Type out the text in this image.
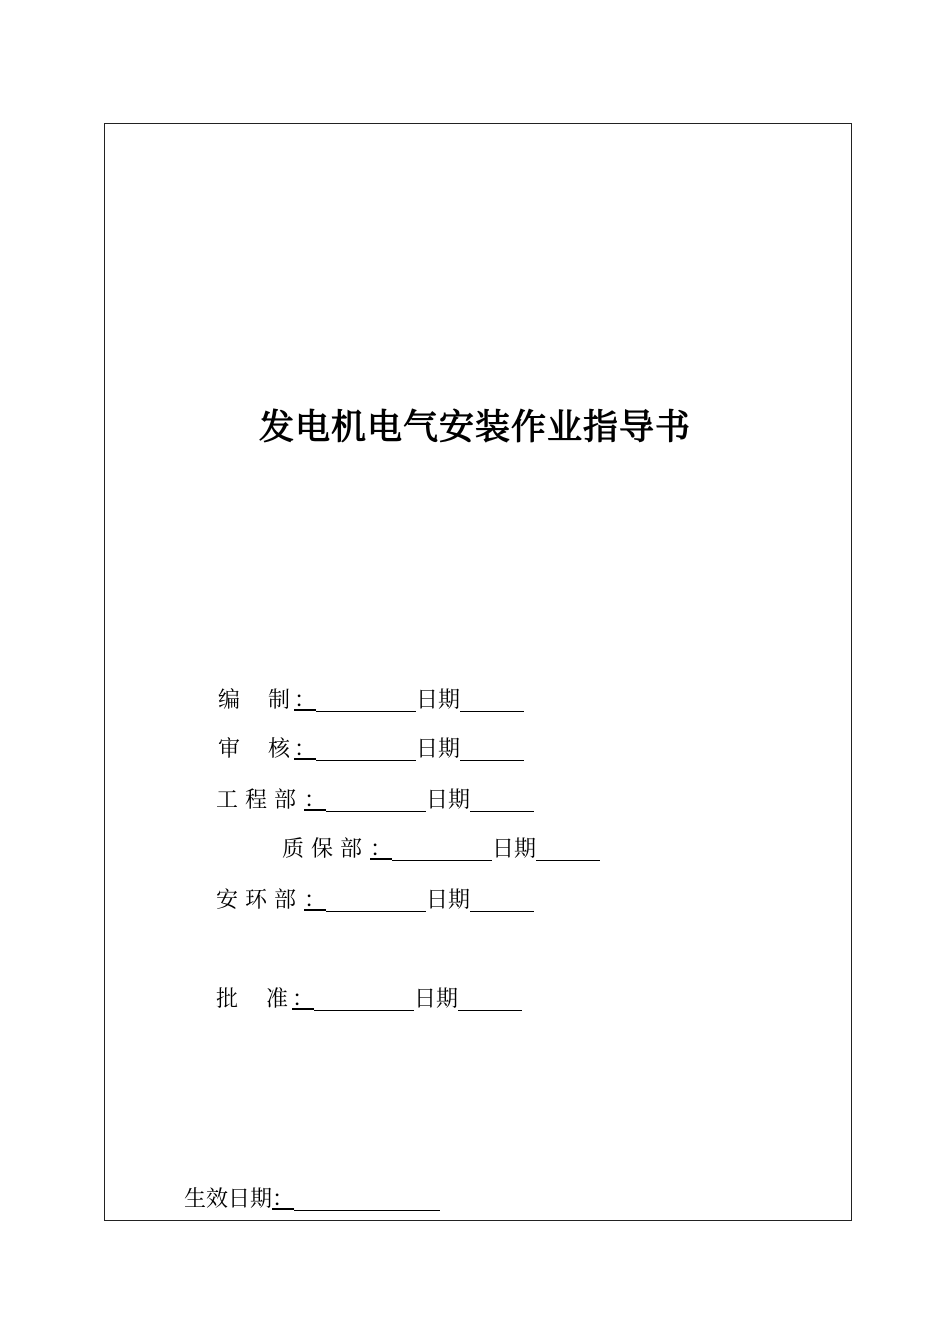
发电机电气安装作业指导书
编    制 ：	日期
审    核 ：	日期
工 程 部 ：	日期
质 保 部 ：	日期
安 环 部 ：	日期
批    准 ：	日期
生效日期 ：
